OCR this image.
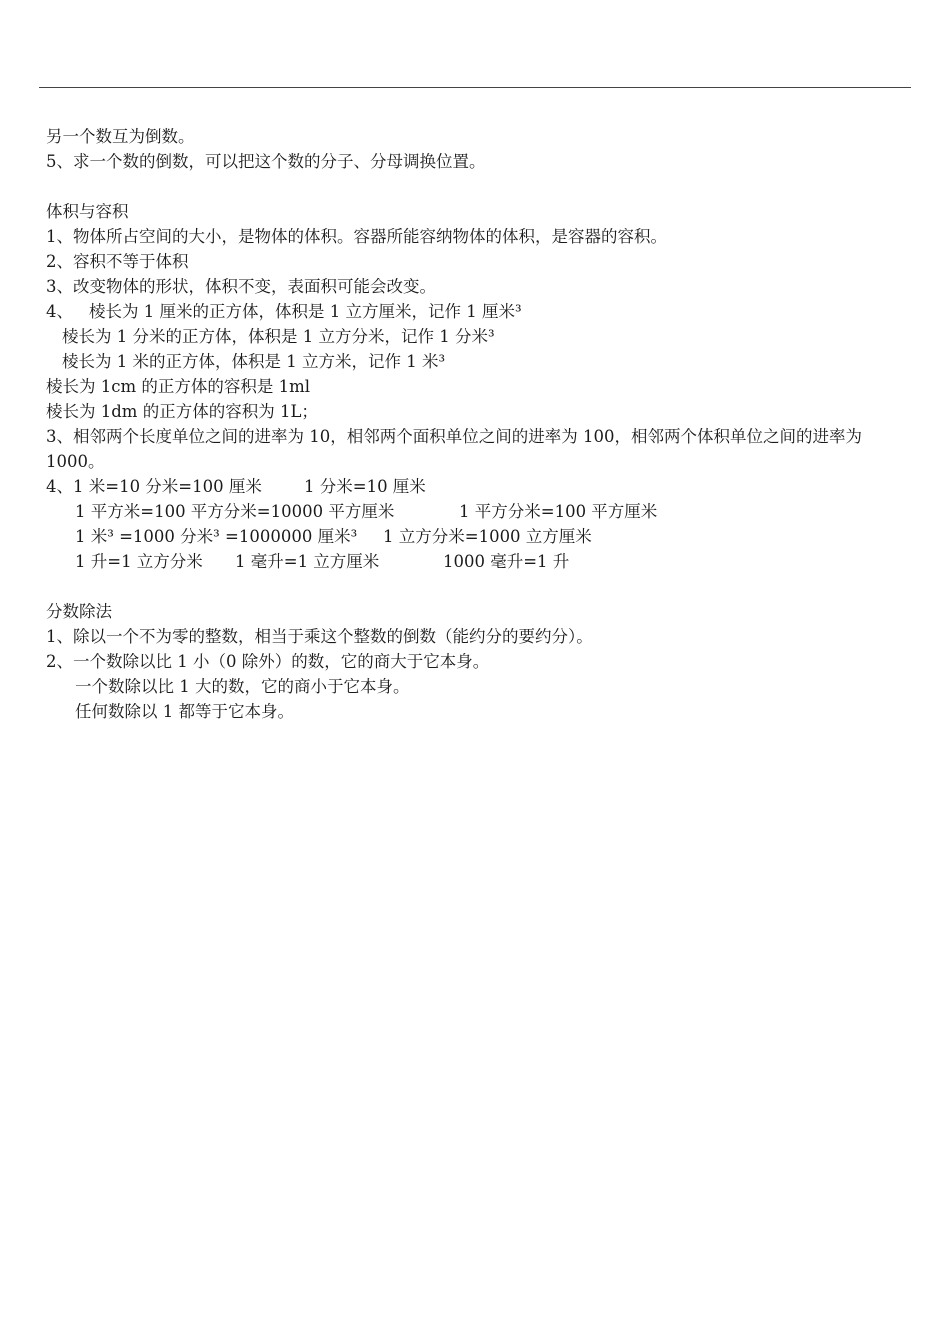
另一个数互为倒数。
5、求一个数的倒数，可以把这个数的分子、分母调换位置。
体积与容积
1、物体所占空间的大小，是物体的体积。容器所能容纳物体的体积，是容器的容积。
2、容积不等于体积
3、改变物体的形状，体积不变，表面积可能会改变。
4、 棱长为 1 厘米的正方体，体积是 1 立方厘米，记作 1 厘米³
棱长为 1 分米的正方体，体积是 1 立方分米，记作 1 分米³
棱长为 1 米的正方体，体积是 1 立方米，记作 1 米³
棱长为 1cm 的正方体的容积是 1ml
棱长为 1dm 的正方体的容积为 1L；
3、相邻两个长度单位之间的进率为 10，相邻两个面积单位之间的进率为 100，相邻两个体积单位之间的进率为 1000。
4、1 米=10 分米=100 厘米	1 分米=10 厘米
1 平方米=100 平方分米=10000 平方厘米	1 平方分米=100 平方厘米
1 米³ =1000 分米³ =1000000 厘米³ 1 立方分米=1000 立方厘米
1 升=1 立方分米 1 毫升=1 立方厘米	1000 毫升=1 升
分数除法
1、除以一个不为零的整数，相当于乘这个整数的倒数（能约分的要约分）。
2、一个数除以比 1 小（0 除外）的数，它的商大于它本身。
一个数除以比 1 大的数，它的商小于它本身。
任何数除以 1 都等于它本身。
